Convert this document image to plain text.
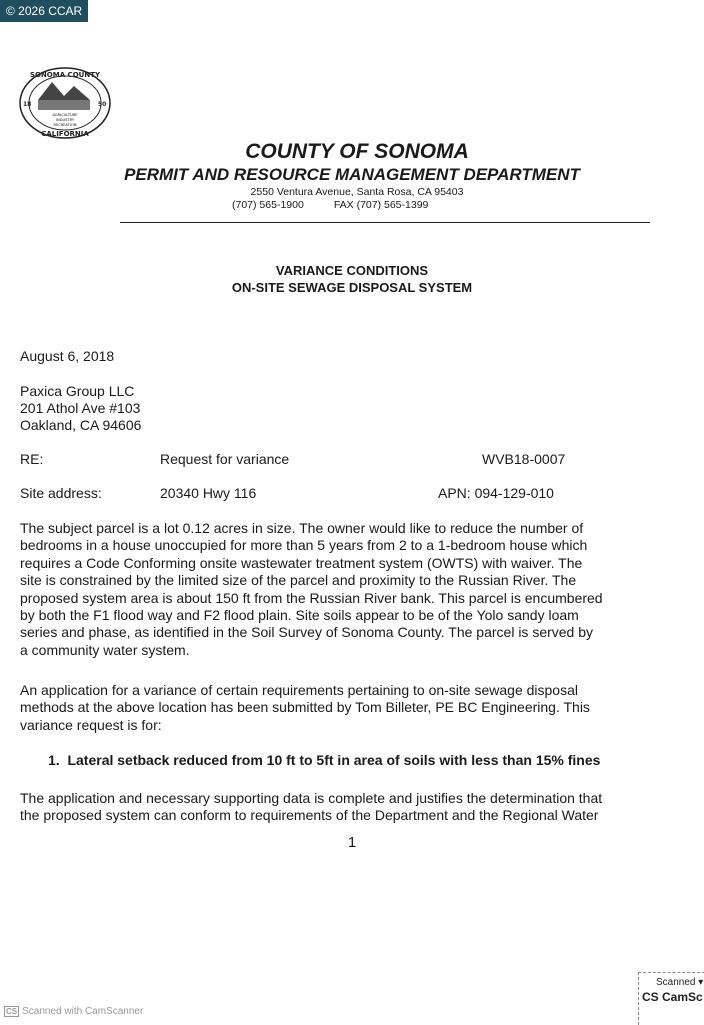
© 2026 CCAR
SONOMA COUNTY
CALIFORNIA
18	50
AGRICULTURE
INDUSTRY
RECREATION
COUNTY OF SONOMA
PERMIT AND RESOURCE MANAGEMENT DEPARTMENT
2550 Ventura Avenue, Santa Rosa, CA 95403
(707) 565-1900	FAX (707) 565-1399
VARIANCE CONDITIONS
ON-SITE SEWAGE DISPOSAL SYSTEM
August 6, 2018
Paxica Group LLC
201 Athol Ave #103
Oakland, CA 94606
RE:	Request for variance	WVB18-0007
Site address:	20340 Hwy 116	APN: 094-129-010
The subject parcel is a lot 0.12 acres in size. The owner would like to reduce the number of
bedrooms in a house unoccupied for more than 5 years from 2 to a 1-bedroom house which
requires a Code Conforming onsite wastewater treatment system (OWTS) with waiver. The
site is constrained by the limited size of the parcel and proximity to the Russian River. The
proposed system area is about 150 ft from the Russian River bank. This parcel is encumbered
by both the F1 flood way and F2 flood plain. Site soils appear to be of the Yolo sandy loam
series and phase, as identified in the Soil Survey of Sonoma County. The parcel is served by
a community water system.
An application for a variance of certain requirements pertaining to on-site sewage disposal
methods at the above location has been submitted by Tom Billeter, PE BC Engineering. This
variance request is for:
1. Lateral setback reduced from 10 ft to 5ft in area of soils with less than 15% fines
The application and necessary supporting data is complete and justifies the determination that
the proposed system can conform to requirements of the Department and the Regional Water
1
Scanned ▾
CS CamSc
CS Scanned with CamScanner
